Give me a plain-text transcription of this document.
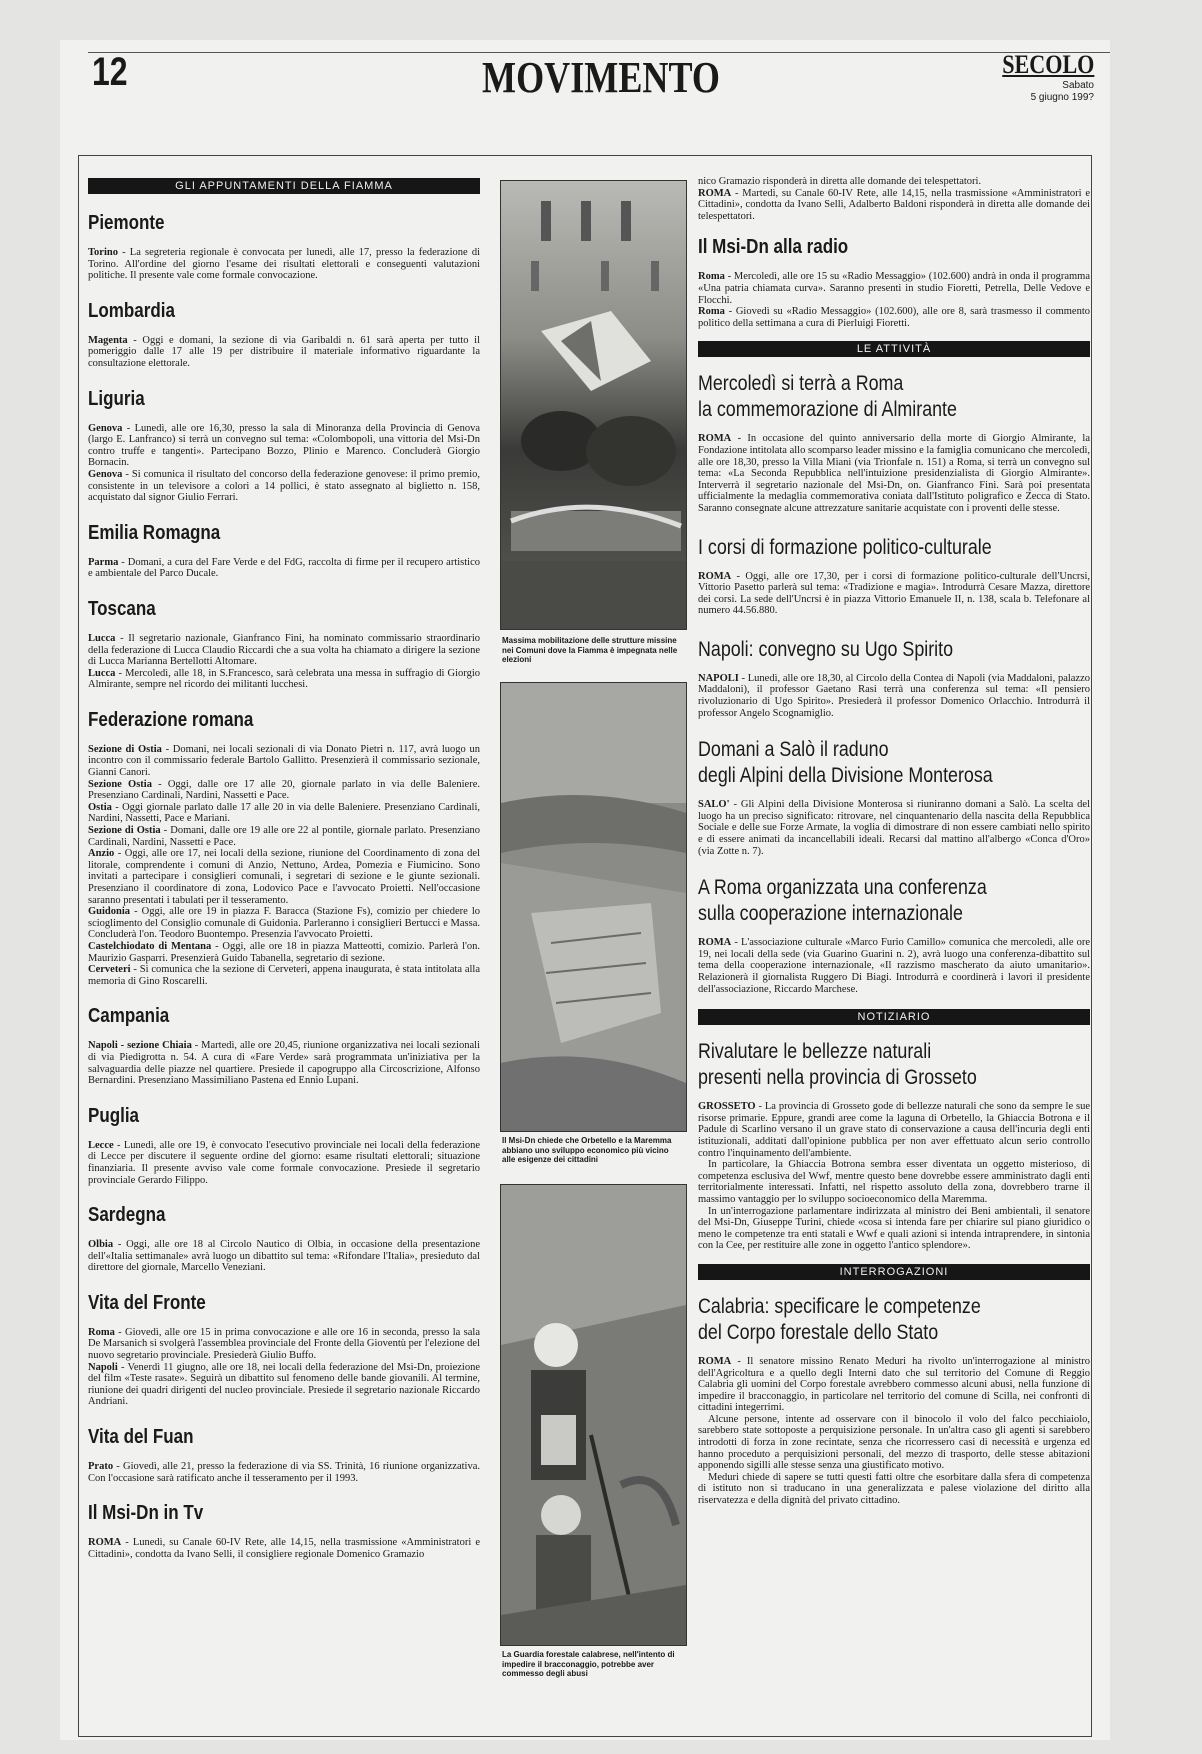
12	MOVIMENTO	SECOLO
Sabato
5 giugno 199?
GLI APPUNTAMENTI DELLA FIAMMA
Piemonte

Torino - La segreteria regionale è convocata per lunedì, alle 17, presso la federazione di Torino. All'ordine del giorno l'esame dei risultati elettorali e conseguenti valutazioni politiche. Il presente vale come formale convocazione.

Lombardia

Magenta - Oggi e domani, la sezione di via Garibaldi n. 61 sarà aperta per tutto il pomeriggio dalle 17 alle 19 per distribuire il materiale informativo riguardante la consultazione elettorale.

Liguria

Genova - Lunedì, alle ore 16,30, presso la sala di Minoranza della Provincia di Genova (largo E. Lanfranco) si terrà un convegno sul tema: «Colombopoli, una vittoria del Msi-Dn contro truffe e tangenti». Partecipano Bozzo, Plinio e Marenco. Concluderà Giorgio Bornacin.

Genova - Si comunica il risultato del concorso della federazione genovese: il primo premio, consistente in un televisore a colori a 14 pollici, è stato assegnato al biglietto n. 158, acquistato dal signor Giulio Ferrari.

Emilia Romagna

Parma - Domani, a cura del Fare Verde e del FdG, raccolta di firme per il recupero artistico e ambientale del Parco Ducale.

Toscana

Lucca - Il segretario nazionale, Gianfranco Fini, ha nominato commissario straordinario della federazione di Lucca Claudio Riccardi che a sua volta ha chiamato a dirigere la sezione di Lucca Marianna Bertellotti Altomare.

Lucca - Mercoledì, alle 18, in S.Francesco, sarà celebrata una messa in suffragio di Giorgio Almirante, sempre nel ricordo dei militanti lucchesi.

Federazione romana

Sezione di Ostia - Domani, nei locali sezionali di via Donato Pietri n. 117, avrà luogo un incontro con il commissario federale Bartolo Gallitto. Presenzierà il commissario sezionale, Gianni Canori.

Sezione Ostia - Oggi, dalle ore 17 alle 20, giornale parlato in via delle Baleniere. Presenziano Cardinali, Nardini, Nassetti e Pace.

Ostia - Oggi giornale parlato dalle 17 alle 20 in via delle Baleniere. Presenziano Cardinali, Nardini, Nassetti, Pace e Mariani.

Sezione di Ostia - Domani, dalle ore 19 alle ore 22 al pontile, giornale parlato. Presenziano Cardinali, Nardini, Nassetti e Pace.

Anzio - Oggi, alle ore 17, nei locali della sezione, riunione del Coordinamento di zona del litorale, comprendente i comuni di Anzio, Nettuno, Ardea, Pomezia e Fiumicino. Sono invitati a partecipare i consiglieri comunali, i segretari di sezione e le giunte sezionali. Presenziano il coordinatore di zona, Lodovico Pace e l'avvocato Proietti. Nell'occasione saranno presentati i tabulati per il tesseramento.

Guidonia - Oggi, alle ore 19 in piazza F. Baracca (Stazione Fs), comizio per chiedere lo scioglimento del Consiglio comunale di Guidonia. Parleranno i consiglieri Bertucci e Massa. Concluderà l'on. Teodoro Buontempo. Presenzia l'avvocato Proietti.

Castelchiodato di Mentana - Oggi, alle ore 18 in piazza Matteotti, comizio. Parlerà l'on. Maurizio Gasparri. Presenzierà Guido Tabanella, segretario di sezione.

Cerveteri - Si comunica che la sezione di Cerveteri, appena inaugurata, è stata intitolata alla memoria di Gino Roscarelli.

Campania

Napoli - sezione Chiaia - Martedì, alle ore 20,45, riunione organizzativa nei locali sezionali di via Piedigrotta n. 54. A cura di «Fare Verde» sarà programmata un'iniziativa per la salvaguardia delle piazze nel quartiere. Presiede il capogruppo alla Circoscrizione, Alfonso Bernardini. Presenziano Massimiliano Pastena ed Ennio Lupani.

Puglia

Lecce - Lunedì, alle ore 19, è convocato l'esecutivo provinciale nei locali della federazione di Lecce per discutere il seguente ordine del giorno: esame risultati elettorali; situazione finanziaria. Il presente avviso vale come formale convocazione. Presiede il segretario provinciale Gerardo Filippo.

Sardegna

Olbia - Oggi, alle ore 18 al Circolo Nautico di Olbia, in occasione della presentazione dell'«Italia settimanale» avrà luogo un dibattito sul tema: «Rifondare l'Italia», presieduto dal direttore del giornale, Marcello Veneziani.

Vita del Fronte

Roma - Giovedì, alle ore 15 in prima convocazione e alle ore 16 in seconda, presso la sala De Marsanich si svolgerà l'assemblea provinciale del Fronte della Gioventù per l'elezione del nuovo segretario provinciale. Presiederà Giulio Buffo.

Napoli - Venerdì 11 giugno, alle ore 18, nei locali della federazione del Msi-Dn, proiezione del film «Teste rasate». Seguirà un dibattito sul fenomeno delle bande giovanili. Al termine, riunione dei quadri dirigenti del nucleo provinciale. Presiede il segretario nazionale Riccardo Andriani.

Vita del Fuan

Prato - Giovedì, alle 21, presso la federazione di via SS. Trinità, 16 riunione organizzativa. Con l'occasione sarà ratificato anche il tesseramento per il 1993.

Il Msi-Dn in Tv

ROMA - Lunedì, su Canale 60-IV Rete, alle 14,15, nella trasmissione «Amministratori e Cittadini», condotta da Ivano Selli, il consigliere regionale Domenico Gramazio

Massima mobilitazione delle strutture missine nei Comuni dove la Fiamma è impegnata nelle elezioni
Il Msi-Dn chiede che Orbetello e la Maremma abbiano uno sviluppo economico più vicino alle esigenze dei cittadini
La Guardia forestale calabrese, nell'intento di impedire il bracconaggio, potrebbe aver commesso degli abusi

nico Gramazio risponderà in diretta alle domande dei telespettatori.

ROMA - Martedì, su Canale 60-IV Rete, alle 14,15, nella trasmissione «Amministratori e Cittadini», condotta da Ivano Selli, Adalberto Baldoni risponderà in diretta alle domande dei telespettatori.

Il Msi-Dn alla radio

Roma - Mercoledì, alle ore 15 su «Radio Messaggio» (102.600) andrà in onda il programma «Una patria chiamata curva». Saranno presenti in studio Fioretti, Petrella, Delle Vedove e Flocchi.

Roma - Giovedì su «Radio Messaggio» (102.600), alle ore 8, sarà trasmesso il commento politico della settimana a cura di Pierluigi Fioretti.

LE ATTIVITÀ
Mercoledì si terrà a Roma
la commemorazione di Almirante

ROMA - In occasione del quinto anniversario della morte di Giorgio Almirante, la Fondazione intitolata allo scomparso leader missino e la famiglia comunicano che mercoledì, alle ore 18,30, presso la Villa Miani (via Trionfale n. 151) a Roma, si terrà un convegno sul tema: «La Seconda Repubblica nell'intuizione presidenzialista di Giorgio Almirante». Interverrà il segretario nazionale del Msi-Dn, on. Gianfranco Fini. Sarà poi presentata ufficialmente la medaglia commemorativa coniata dall'Istituto poligrafico e Zecca di Stato. Saranno consegnate alcune attrezzature sanitarie acquistate con i proventi delle stesse.

I corsi di formazione politico-culturale

ROMA - Oggi, alle ore 17,30, per i corsi di formazione politico-culturale dell'Uncrsi, Vittorio Pasetto parlerà sul tema: «Tradizione e magia». Introdurrà Cesare Mazza, direttore dei corsi. La sede dell'Uncrsi è in piazza Vittorio Emanuele II, n. 138, scala b. Telefonare al numero 44.56.880.

Napoli: convegno su Ugo Spirito

NAPOLI - Lunedì, alle ore 18,30, al Circolo della Contea di Napoli (via Maddaloni, palazzo Maddaloni), il professor Gaetano Rasi terrà una conferenza sul tema: «Il pensiero rivoluzionario di Ugo Spirito». Presiederà il professor Domenico Orlacchio. Introdurrà il professor Angelo Scognamiglio.

Domani a Salò il raduno
degli Alpini della Divisione Monterosa

SALO' - Gli Alpini della Divisione Monterosa si riuniranno domani a Salò. La scelta del luogo ha un preciso significato: ritrovare, nel cinquantenario della nascita della Repubblica Sociale e delle sue Forze Armate, la voglia di dimostrare di non essere cambiati nello spirito e di essere animati da incancellabili ideali. Recarsi dal mattino all'albergo «Conca d'Oro» (via Zotte n. 7).

A Roma organizzata una conferenza
sulla cooperazione internazionale

ROMA - L'associazione culturale «Marco Furio Camillo» comunica che mercoledì, alle ore 19, nei locali della sede (via Guarino Guarini n. 2), avrà luogo una conferenza-dibattito sul tema della cooperazione internazionale, «Il razzismo mascherato da aiuto umanitario». Relazionerà il giornalista Ruggero Di Biagi. Introdurrà e coordinerà i lavori il presidente dell'associazione, Riccardo Marchese.

NOTIZIARIO
Rivalutare le bellezze naturali
presenti nella provincia di Grosseto

GROSSETO - La provincia di Grosseto gode di bellezze naturali che sono da sempre le sue risorse primarie. Eppure, grandi aree come la laguna di Orbetello, la Ghiaccia Botrona e il Padule di Scarlino versano il un grave stato di conservazione a causa dell'incuria degli enti istituzionali, additati dall'opinione pubblica per non aver effettuato alcun serio controllo contro l'inquinamento dell'ambiente.

In particolare, la Ghiaccia Botrona sembra esser diventata un oggetto misterioso, di competenza esclusiva del Wwf, mentre questo bene dovrebbe essere amministrato dagli enti territorialmente interessati. Infatti, nel rispetto assoluto della zona, dovrebbero trarne il massimo vantaggio per lo sviluppo socioeconomico della Maremma.

In un'interrogazione parlamentare indirizzata al ministro dei Beni ambientali, il senatore del Msi-Dn, Giuseppe Turini, chiede «cosa si intenda fare per chiarire sul piano giuridico o meno le competenze tra enti statali e Wwf e quali azioni si intenda intraprendere, in sintonia con la Cee, per restituire alle zone in oggetto l'antico splendore».

INTERROGAZIONI
Calabria: specificare le competenze
del Corpo forestale dello Stato

ROMA - Il senatore missino Renato Meduri ha rivolto un'interrogazione al ministro dell'Agricoltura e a quello degli Interni dato che sul territorio del Comune di Reggio Calabria gli uomini del Corpo forestale avrebbero commesso alcuni abusi, nella funzione di impedire il bracconaggio, in particolare nel territorio del comune di Scilla, nei confronti di cittadini integerrimi.

Alcune persone, intente ad osservare con il binocolo il volo del falco pecchiaiolo, sarebbero state sottoposte a perquisizione personale. In un'altra caso gli agenti si sarebbero introdotti di forza in zone recintate, senza che ricorressero casi di necessità e urgenza ed hanno proceduto a perquisizioni personali, del mezzo di trasporto, delle stesse abitazioni apponendo sigilli alle stesse senza una giustificato motivo.

Meduri chiede di sapere se tutti questi fatti oltre che esorbitare dalla sfera di competenza di istituto non si traducano in una generalizzata e palese violazione del diritto alla riservatezza e della dignità del privato cittadino.
